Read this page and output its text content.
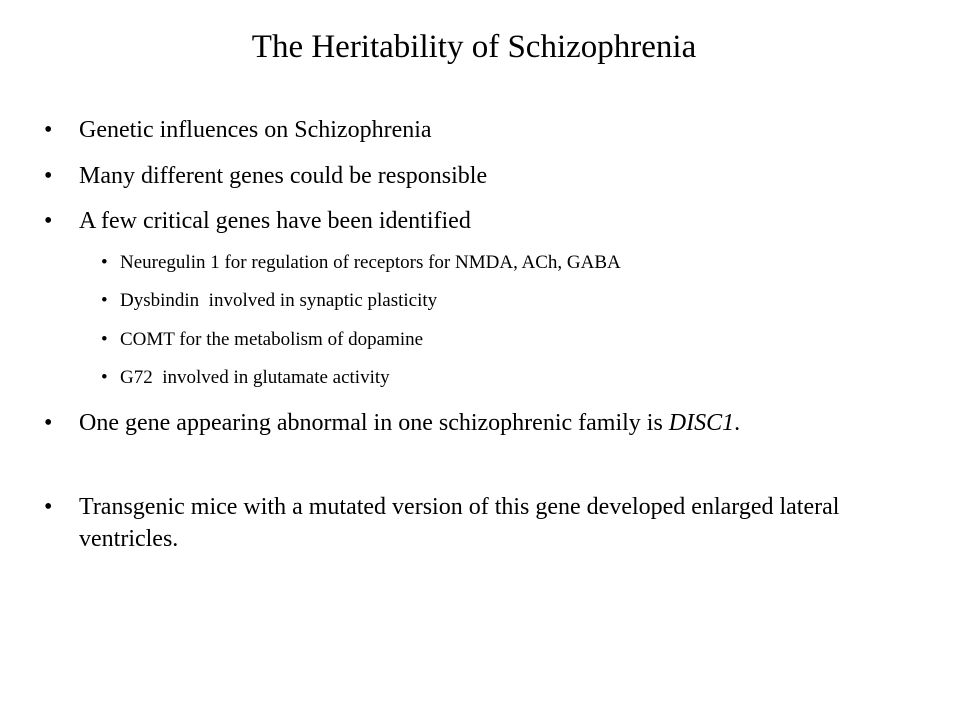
The Heritability of Schizophrenia
• Genetic influences on Schizophrenia
• Many different genes could be responsible
• A few critical genes have been identified
• Neuregulin 1 for regulation of receptors for NMDA, ACh, GABA
• Dysbindin  involved in synaptic plasticity
• COMT for the metabolism of dopamine
• G72  involved in glutamate activity
• One gene appearing abnormal in one schizophrenic family is DISC1.
• Transgenic mice with a mutated version of this gene developed enlarged lateral ventricles.
